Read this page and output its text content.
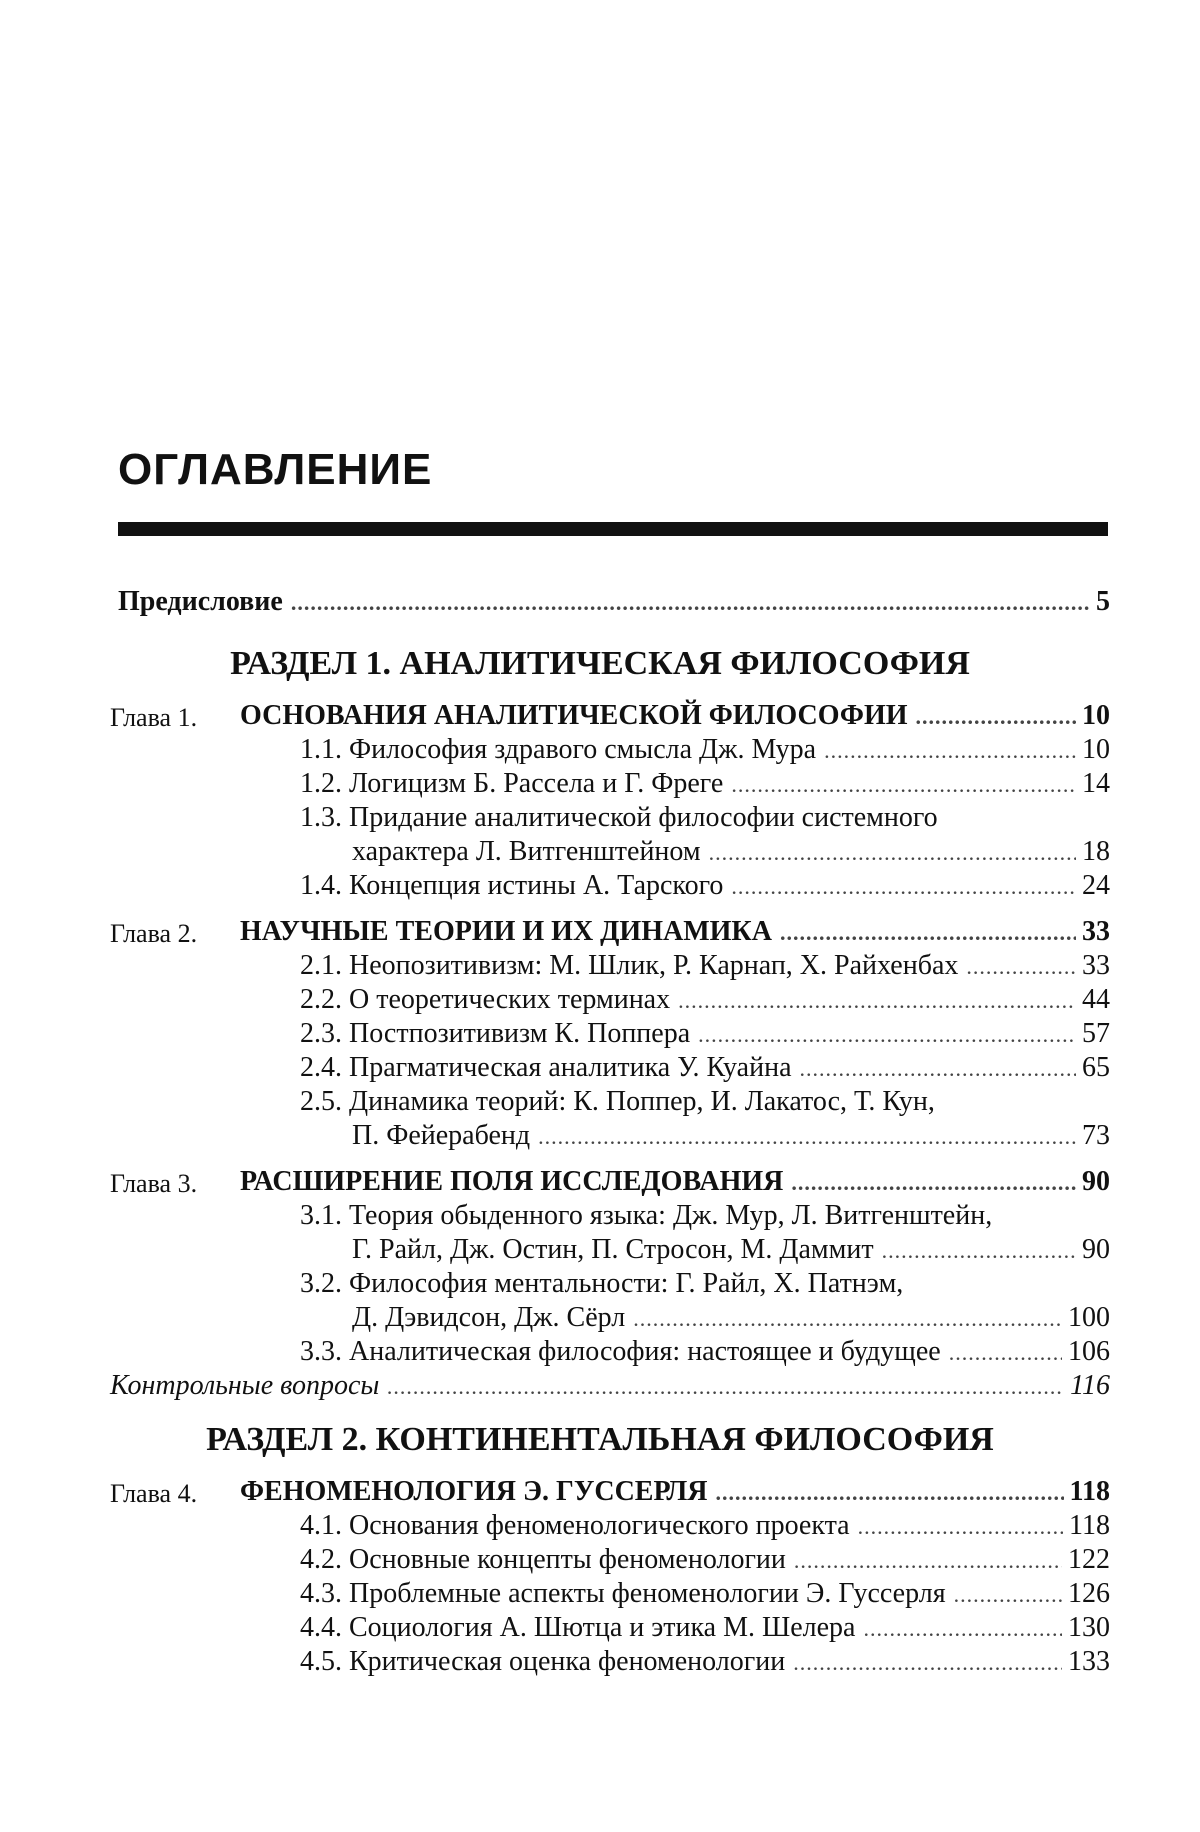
ОГЛАВЛЕНИЕ
Предисловие .....	5
РАЗДЕЛ 1. АНАЛИТИЧЕСКАЯ ФИЛОСОФИЯ
Глава 1.	ОСНОВАНИЯ АНАЛИТИЧЕСКОЙ ФИЛОСОФИИ .....	10
1.1. Философия здравого смысла Дж. Мура .....	10
1.2. Логицизм Б. Рассела и Г. Фреге .....	14
1.3. Придание аналитической философии системного
характера Л. Витгенштейном .....	18
1.4. Концепция истины А. Тарского .....	24
Глава 2.	НАУЧНЫЕ ТЕОРИИ И ИХ ДИНАМИКА .....	33
2.1. Неопозитивизм: М. Шлик, Р. Карнап, Х. Райхенбах .....	33
2.2. О теоретических терминах .....	44
2.3. Постпозитивизм К. Поппера .....	57
2.4. Прагматическая аналитика У. Куайна .....	65
2.5. Динамика теорий: К. Поппер, И. Лакатос, Т. Кун,
П. Фейерабенд .....	73
Глава 3.	РАСШИРЕНИЕ ПОЛЯ ИССЛЕДОВАНИЯ .....	90
3.1. Теория обыденного языка: Дж. Мур, Л. Витгенштейн,
Г. Райл, Дж. Остин, П. Стросон, М. Даммит .....	90
3.2. Философия ментальности: Г. Райл, Х. Патнэм,
Д. Дэвидсон, Дж. Сёрл .....	100
3.3. Аналитическая философия: настоящее и будущее .....	106
Контрольные вопросы .....	116
РАЗДЕЛ 2. КОНТИНЕНТАЛЬНАЯ ФИЛОСОФИЯ
Глава 4.	ФЕНОМЕНОЛОГИЯ Э. ГУССЕРЛЯ .....	118
4.1. Основания феноменологического проекта .....	118
4.2. Основные концепты феноменологии .....	122
4.3. Проблемные аспекты феноменологии Э. Гуссерля .....	126
4.4. Социология А. Шютца и этика М. Шелера .....	130
4.5. Критическая оценка феноменологии .....	133
